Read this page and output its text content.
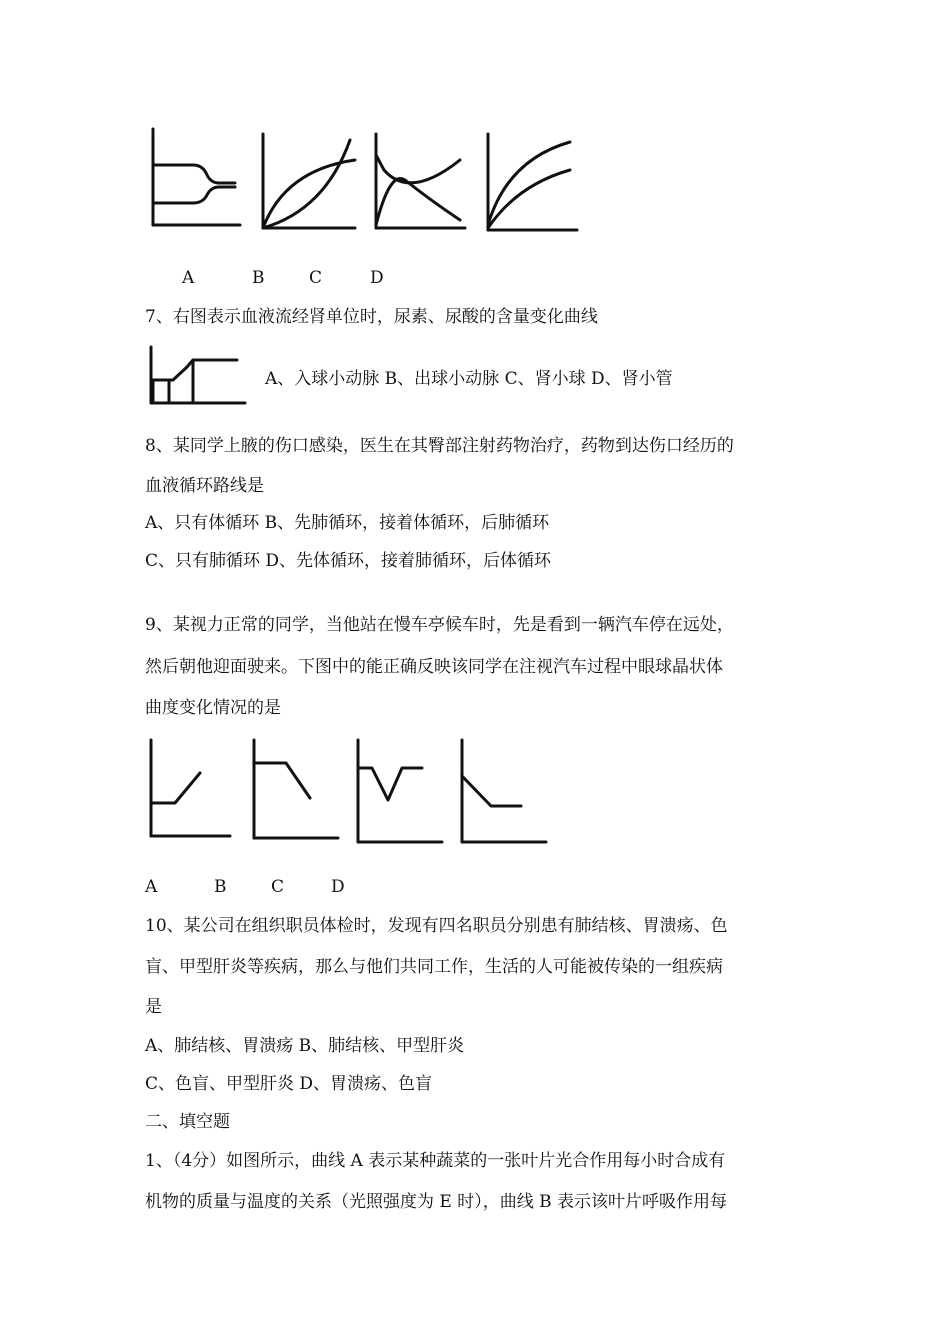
A	B	C	D
7、右图表示血液流经肾单位时，尿素、尿酸的含量变化曲线
A、入球小动脉 B、出球小动脉 C、肾小球 D、肾小管
8、某同学上腋的伤口感染，医生在其臀部注射药物治疗，药物到达伤口经历的
血液循环路线是
A、只有体循环 B、先肺循环，接着体循环，后肺循环
C、只有肺循环 D、先体循环，接着肺循环，后体循环
9、某视力正常的同学，当他站在慢车亭候车时，先是看到一辆汽车停在远处，
然后朝他迎面驶来。下图中的能正确反映该同学在注视汽车过程中眼球晶状体
曲度变化情况的是
A	B	C	D
10、某公司在组织职员体检时，发现有四名职员分别患有肺结核、胃溃疡、色
盲、甲型肝炎等疾病，那么与他们共同工作，生活的人可能被传染的一组疾病
是
A、肺结核、胃溃疡 B、肺结核、甲型肝炎
C、色盲、甲型肝炎 D、胃溃疡、色盲
二、填空题
1、（4分）如图所示，曲线 A 表示某种蔬菜的一张叶片光合作用每小时合成有
机物的质量与温度的关系（光照强度为 E 时），曲线 B 表示该叶片呼吸作用每
